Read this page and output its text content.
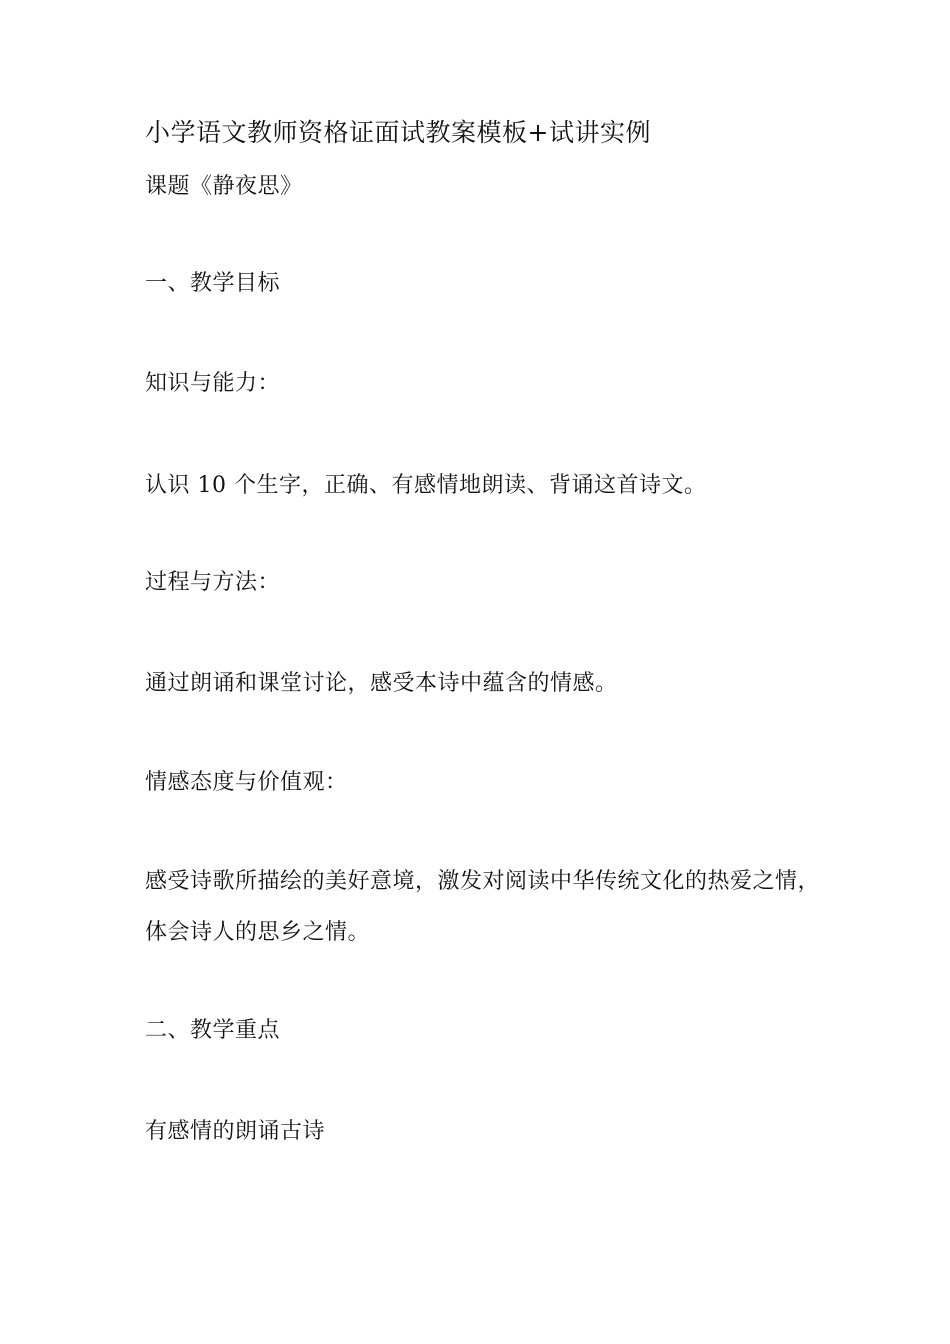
小学语文教师资格证面试教案模板+试讲实例
课题《静夜思》
一、教学目标
知识与能力：
认识 10 个生字，正确、有感情地朗读、背诵这首诗文。
过程与方法：
通过朗诵和课堂讨论，感受本诗中蕴含的情感。
情感态度与价值观：
感受诗歌所描绘的美好意境，激发对阅读中华传统文化的热爱之情，
体会诗人的思乡之情。
二、教学重点
有感情的朗诵古诗
